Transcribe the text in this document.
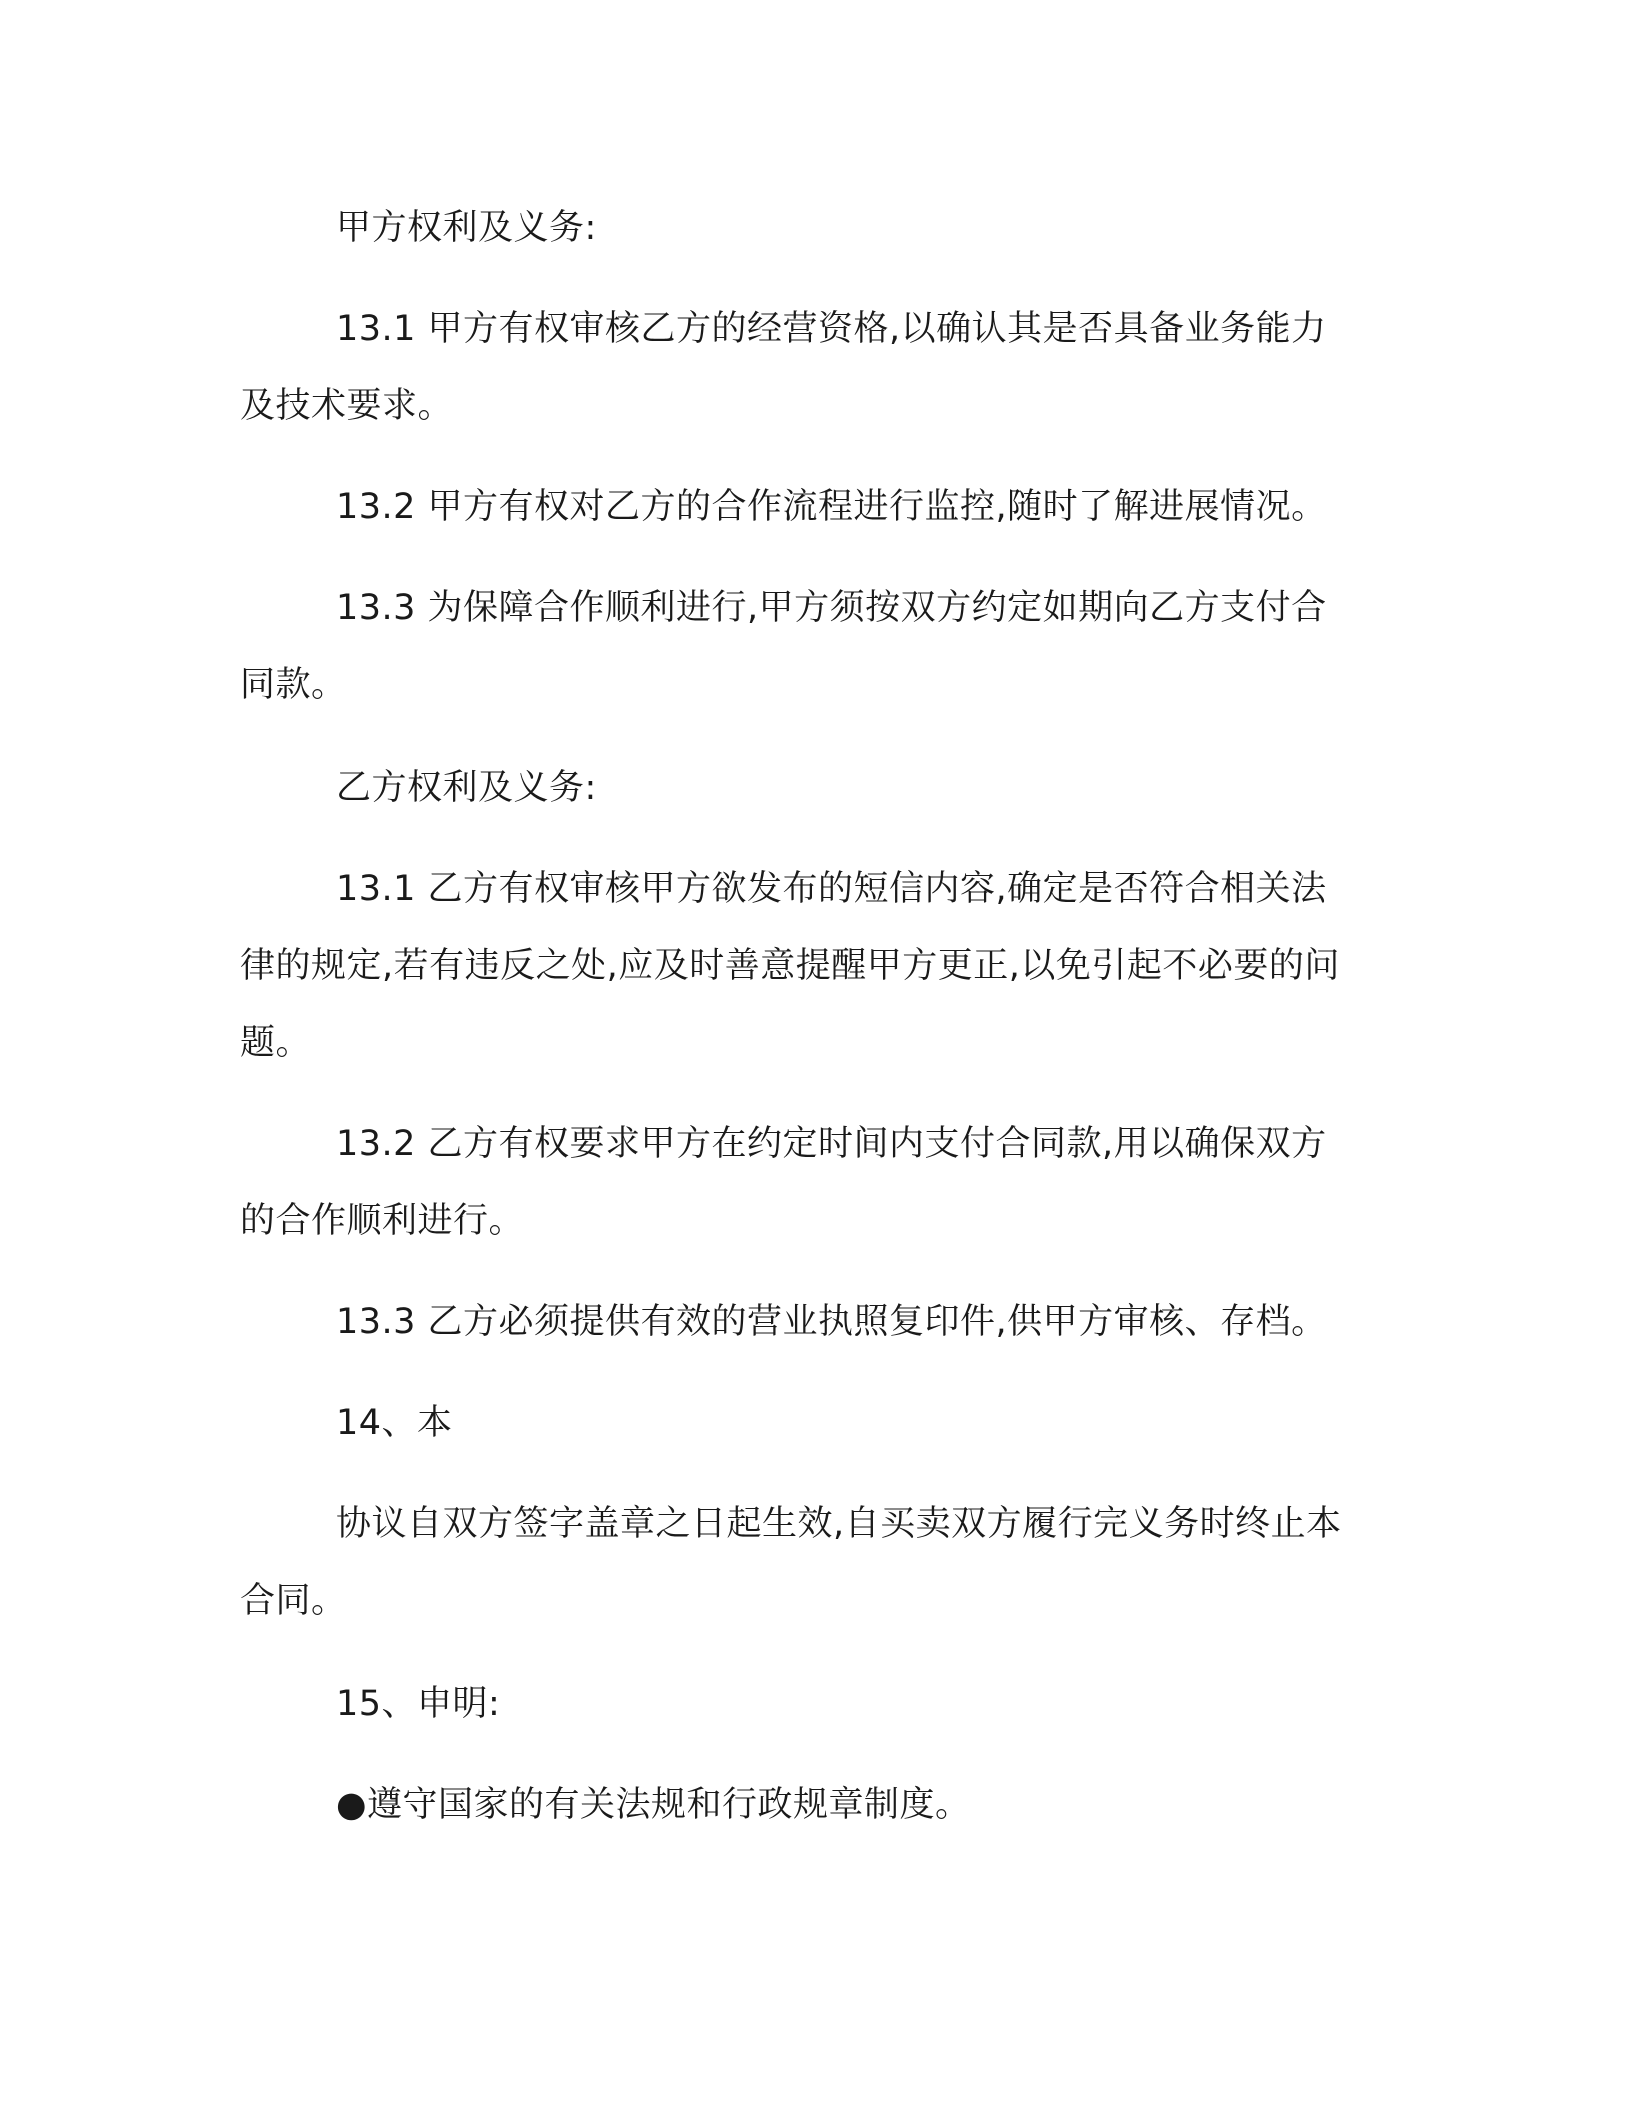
甲方权利及义务:

13.1 甲方有权审核乙方的经营资格,以确认其是否具备业务能力及技术要求。

13.2 甲方有权对乙方的合作流程进行监控,随时了解进展情况。

13.3 为保障合作顺利进行,甲方须按双方约定如期向乙方支付合同款。

乙方权利及义务:

13.1 乙方有权审核甲方欲发布的短信内容,确定是否符合相关法律的规定,若有违反之处,应及时善意提醒甲方更正,以免引起不必要的问题。

13.2 乙方有权要求甲方在约定时间内支付合同款,用以确保双方的合作顺利进行。

13.3 乙方必须提供有效的营业执照复印件,供甲方审核、存档。

14、本

协议自双方签字盖章之日起生效,自买卖双方履行完义务时终止本合同。

15、申明:

●遵守国家的有关法规和行政规章制度。
